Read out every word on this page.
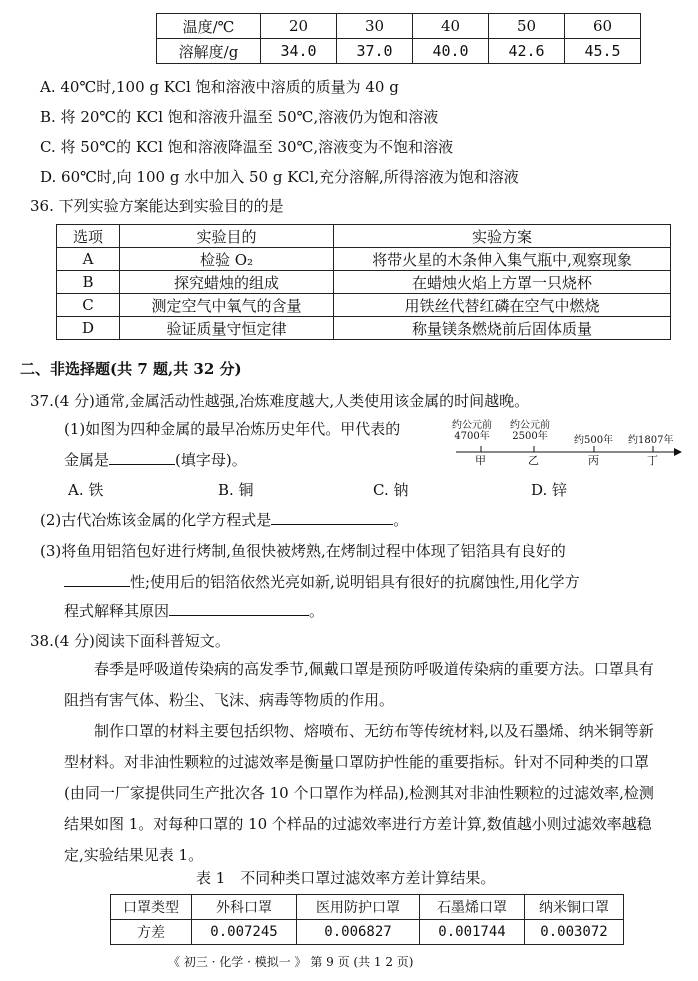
温度/℃	20	30	40	50	60
溶解度/g	34.0	37.0	40.0	42.6	45.5
A. 40℃时,100 g KCl 饱和溶液中溶质的质量为 40 g
B. 将 20℃的 KCl 饱和溶液升温至 50℃,溶液仍为饱和溶液
C. 将 50℃的 KCl 饱和溶液降温至 30℃,溶液变为不饱和溶液
D. 60℃时,向 100 g 水中加入 50 g KCl,充分溶解,所得溶液为饱和溶液
36. 下列实验方案能达到实验目的的是
选项	实验目的	实验方案
A	检验 O₂	将带火星的木条伸入集气瓶中,观察现象
B	探究蜡烛的组成	在蜡烛火焰上方罩一只烧杯
C	测定空气中氧气的含量	用铁丝代替红磷在空气中燃烧
D	验证质量守恒定律	称量镁条燃烧前后固体质量
二、非选择题(共 7 题,共 32 分)
37.(4 分)通常,金属活动性越强,冶炼难度越大,人类使用该金属的时间越晚。
(1)如图为四种金属的最早冶炼历史年代。甲代表的
金属是	(填字母)。
约公元前
4700年
约公元前
2500年	约500年 约1807年
甲	乙	丙	丁
A. 铁	B. 铜	C. 钠	D. 锌
(2)古代冶炼该金属的化学方程式是	。
(3)将鱼用铝箔包好进行烤制,鱼很快被烤熟,在烤制过程中体现了铝箔具有良好的
性;使用后的铝箔依然光亮如新,说明铝具有很好的抗腐蚀性,用化学方
程式解释其原因	。
38.(4 分)阅读下面科普短文。
春季是呼吸道传染病的高发季节,佩戴口罩是预防呼吸道传染病的重要方法。口罩具有阻挡有害气体、粉尘、飞沫、病毒等物质的作用。
制作口罩的材料主要包括织物、熔喷布、无纺布等传统材料,以及石墨烯、纳米铜等新型材料。对非油性颗粒的过滤效率是衡量口罩防护性能的重要指标。针对不同种类的口罩(由同一厂家提供同生产批次各 10 个口罩作为样品),检测其对非油性颗粒的过滤效率,检测结果如图 1。对每种口罩的 10 个样品的过滤效率进行方差计算,数值越小则过滤效率越稳定,实验结果见表 1。
表 1　不同种类口罩过滤效率方差计算结果。
口罩类型	外科口罩	医用防护口罩	石墨烯口罩	纳米铜口罩
方差	0.007245	0.006827	0.001744	0.003072
《 初三 · 化学 · 模拟一 》 第 9 页 (共 1 2 页)
